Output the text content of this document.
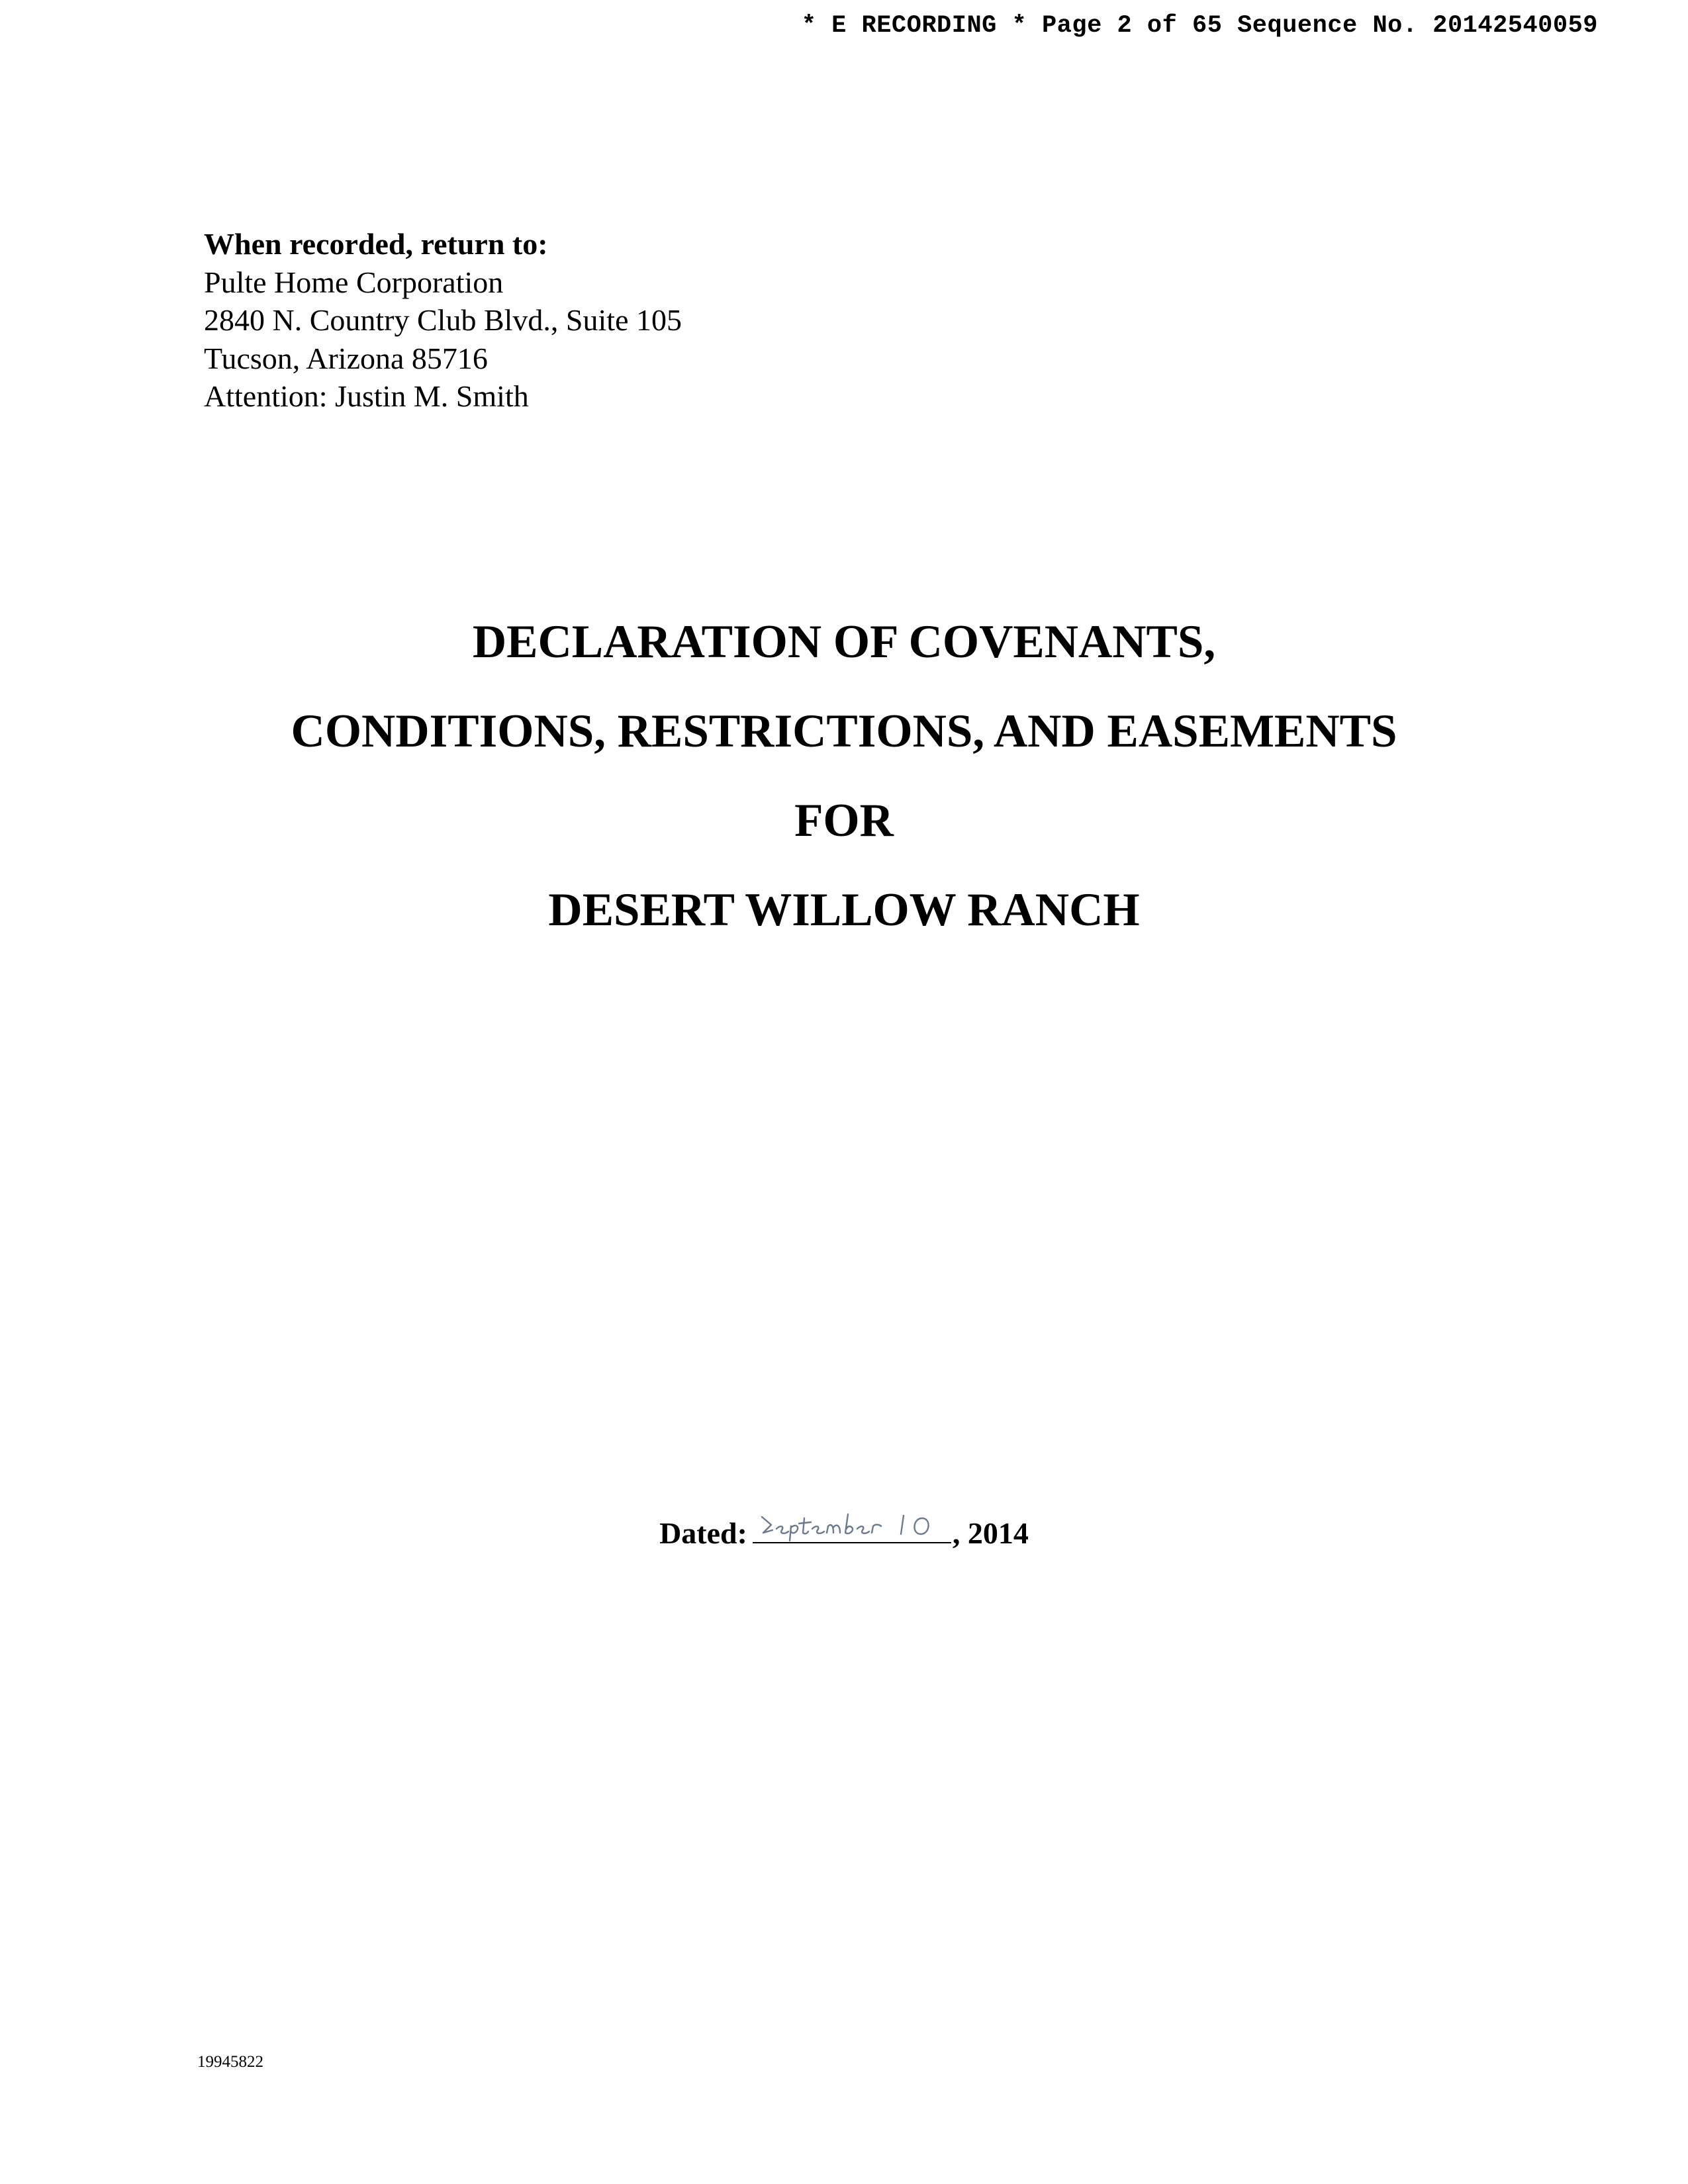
* E RECORDING * Page 2 of 65 Sequence No. 20142540059
When recorded, return to:
Pulte Home Corporation
2840 N. Country Club Blvd., Suite 105
Tucson, Arizona 85716
Attention: Justin M. Smith
DECLARATION OF COVENANTS,
CONDITIONS, RESTRICTIONS, AND EASEMENTS
FOR
DESERT WILLOW RANCH
Dated:	, 2014
19945822
